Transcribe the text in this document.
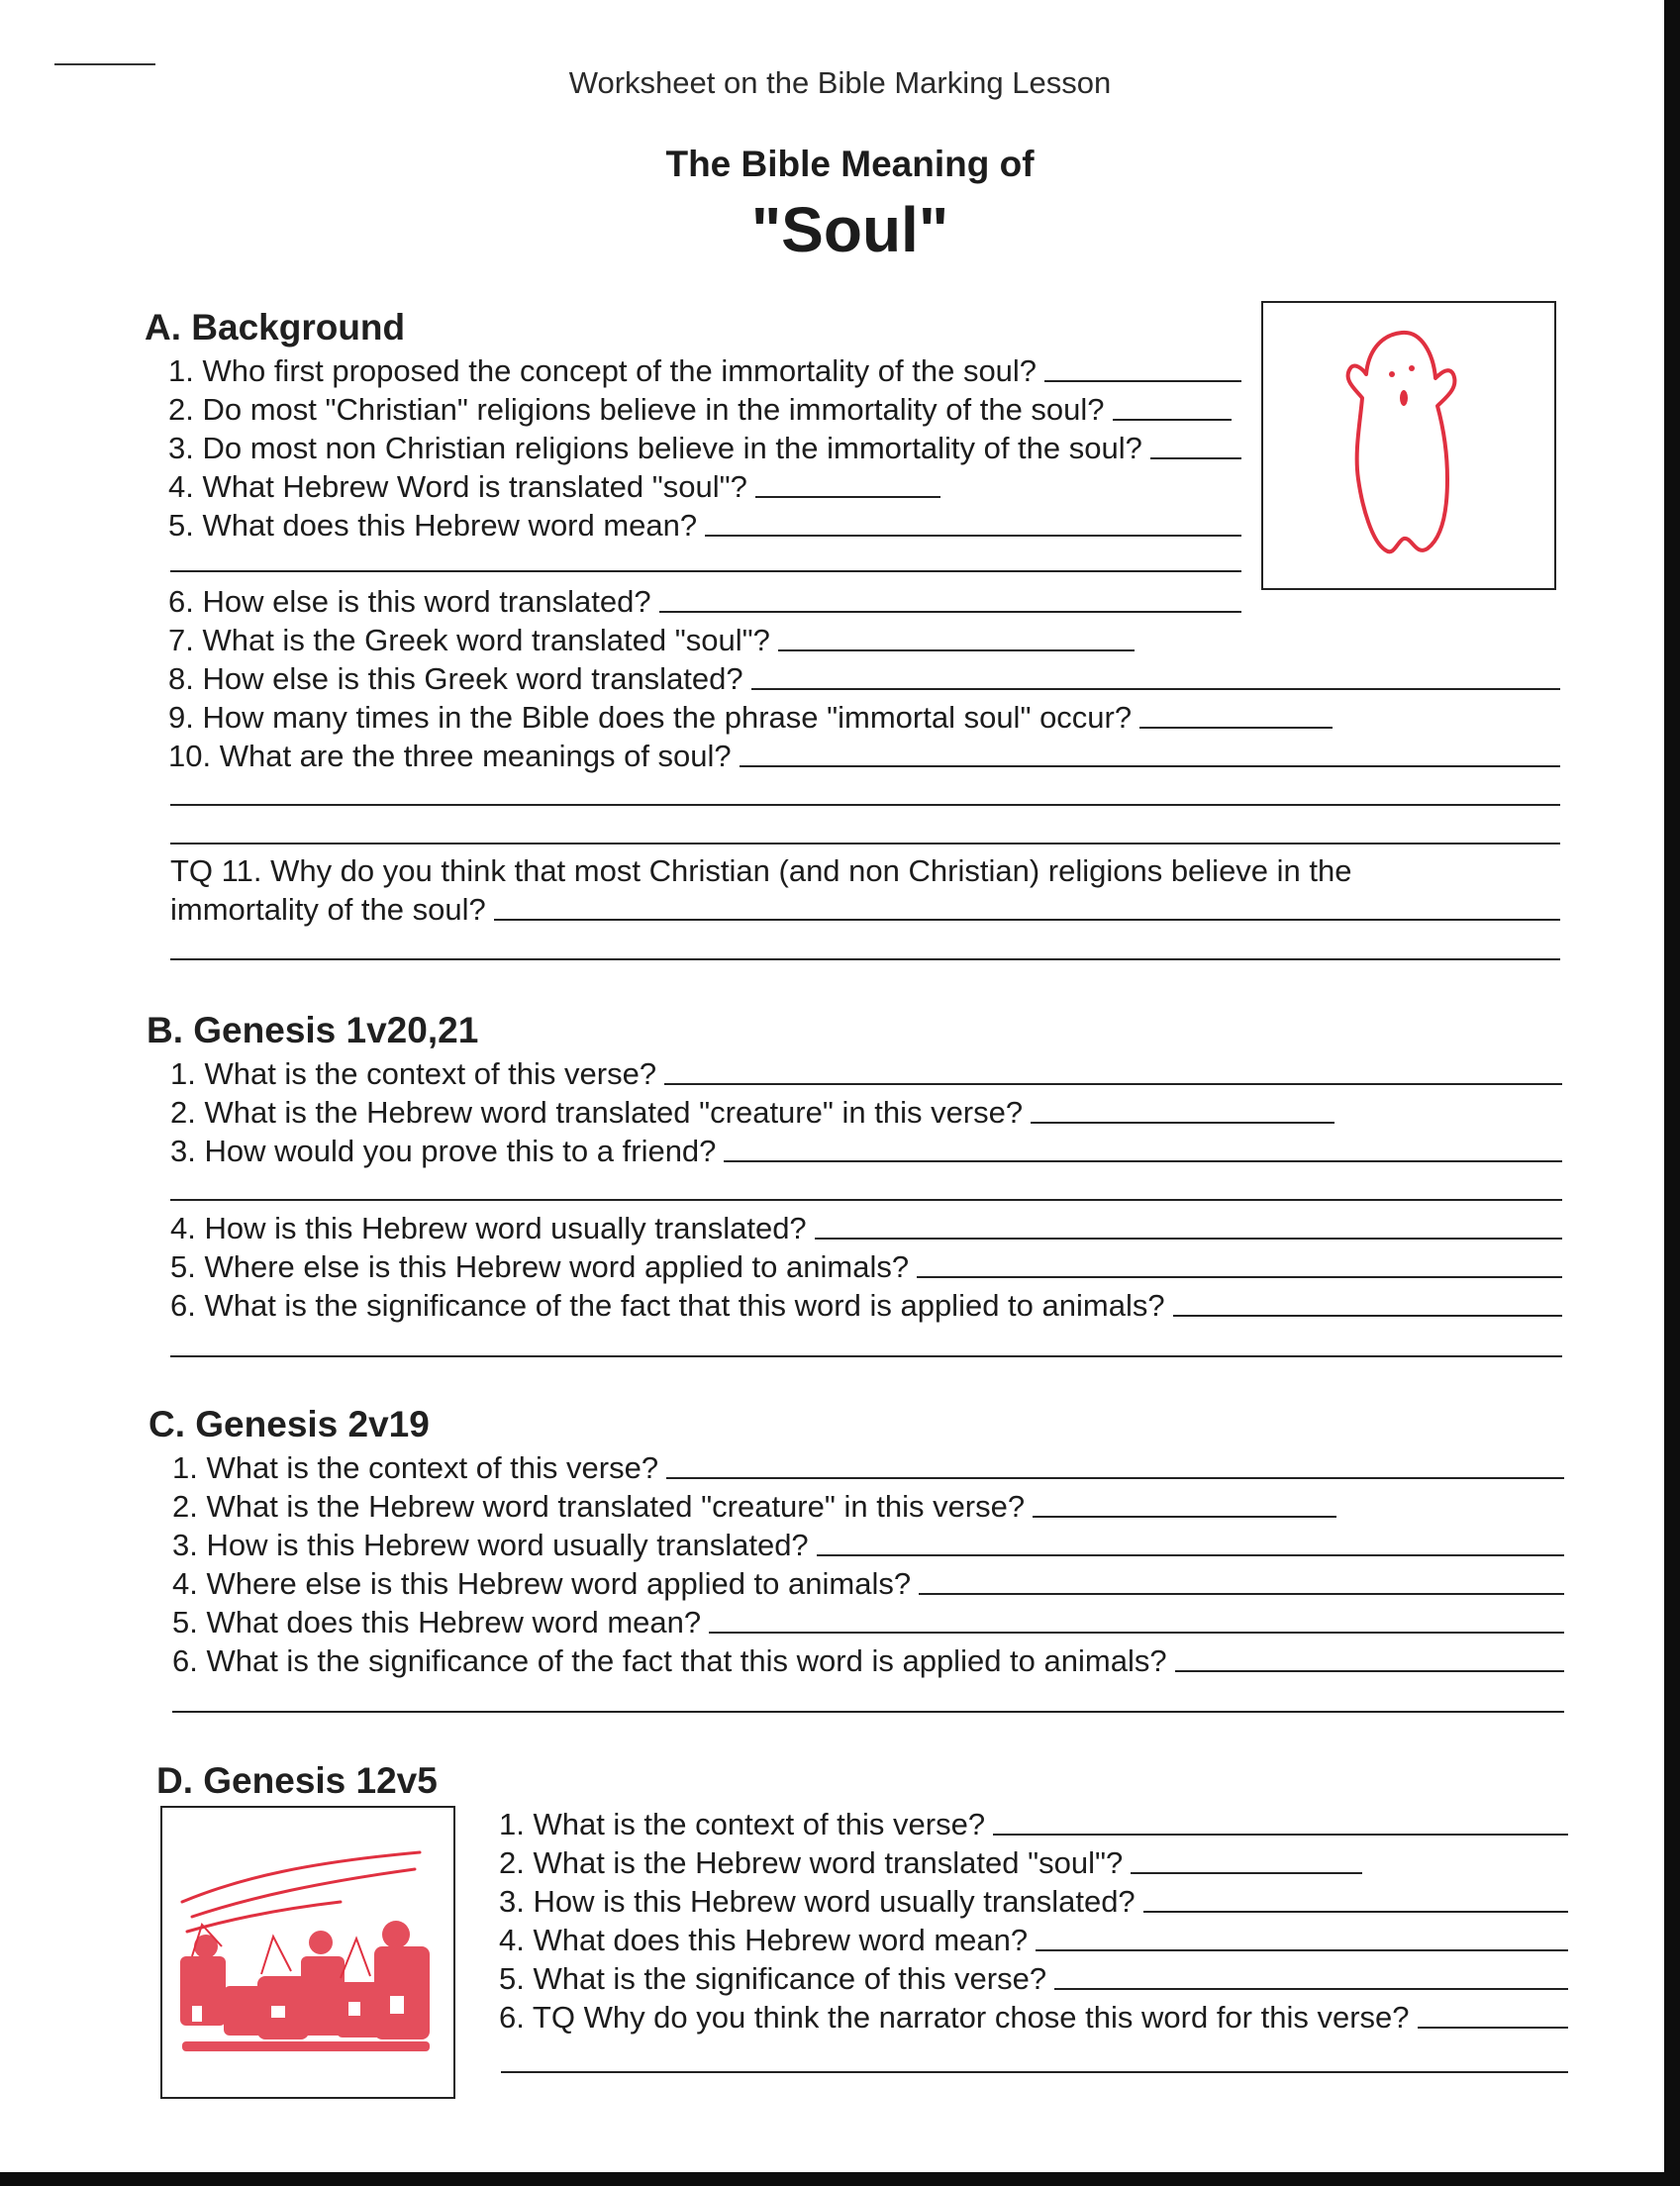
Worksheet on the Bible Marking Lesson
The Bible Meaning of
"Soul"
A. Background
1. Who first proposed the concept of the immortality of the soul?
2. Do most "Christian" religions believe in the immortality of the soul?
3. Do most non Christian religions believe in the immortality of the soul?
4. What Hebrew Word is translated "soul"?
5. What does this Hebrew word mean?
6. How else is this word translated?
7. What is the Greek word translated "soul"?
8. How else is this Greek word translated?
9. How many times in the Bible does the phrase "immortal soul" occur?
10. What are the three meanings of soul?
TQ 11. Why do you think that most Christian (and non Christian) religions believe in the
immortality of the soul?
B. Genesis 1v20,21
1. What is the context of this verse?
2. What is the Hebrew word translated "creature" in this verse?
3. How would you prove this to a friend?
4. How is this Hebrew word usually translated?
5. Where else is this Hebrew word applied to animals?
6. What is the significance of the fact that this word is applied to animals?
C. Genesis 2v19
1. What is the context of this verse?
2. What is the Hebrew word translated "creature" in this verse?
3. How is this Hebrew word usually translated?
4. Where else is this Hebrew word applied to animals?
5. What does this Hebrew word mean?
6. What is the significance of the fact that this word is applied to animals?
D. Genesis 12v5
1. What is the context of this verse?
2. What is the Hebrew word translated "soul"?
3. How is this Hebrew word usually translated?
4. What does this Hebrew word mean?
5. What is the significance of this verse?
6. TQ Why do you think the narrator chose this word for this verse?
